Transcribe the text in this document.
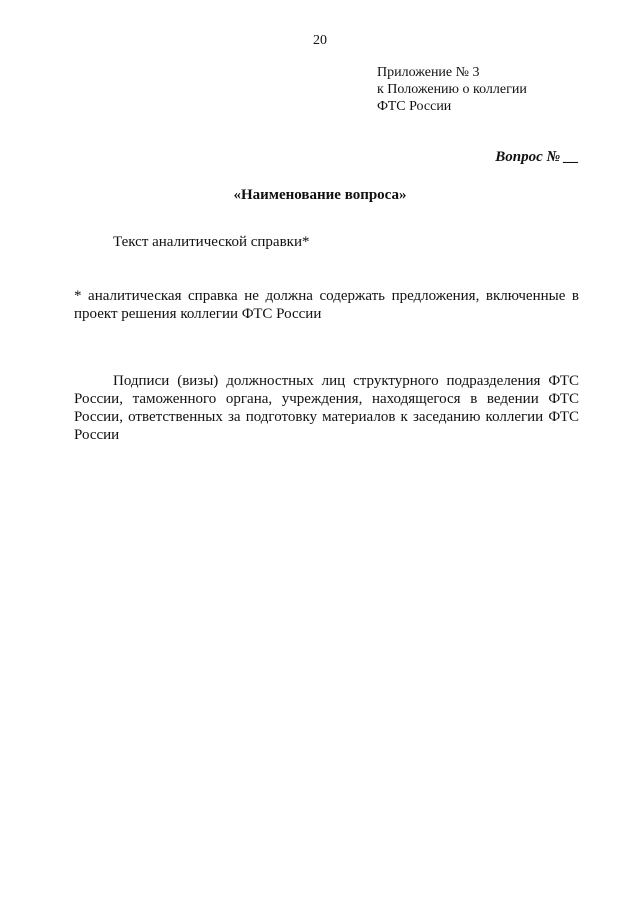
20
Приложение № 3
к Положению о коллегии
ФТС России
Вопрос № __
«Наименование вопроса»
Текст аналитической справки*
* аналитическая справка не должна содержать предложения, включенные в проект решения коллегии ФТС России
Подписи (визы) должностных лиц структурного подразделения ФТС России, таможенного органа, учреждения, находящегося в ведении ФТС России, ответственных за подготовку материалов к заседанию коллегии ФТС России
